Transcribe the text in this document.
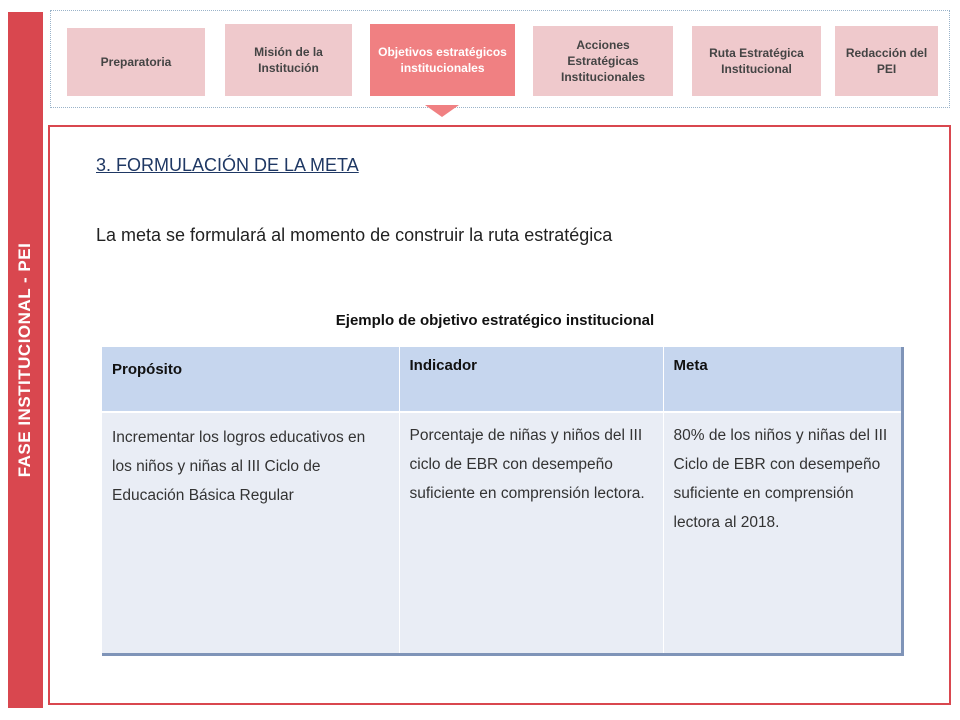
FASE INSTITUCIONAL - PEI
Preparatoria
Misión de la Institución
Objetivos estratégicos institucionales
Acciones Estratégicas Institucionales
Ruta Estratégica Institucional
Redacción del PEI
3. FORMULACIÓN DE LA META
La meta se formulará al momento de construir la ruta estratégica
Ejemplo de objetivo estratégico institucional
Propósito	Indicador	Meta
Incrementar los logros educativos en los niños y niñas al III Ciclo de Educación Básica Regular	Porcentaje de niñas y niños del III ciclo de EBR con desempeño suficiente en comprensión lectora.	80% de los niños y niñas del III Ciclo de EBR con desempeño suficiente en comprensión lectora al 2018.
